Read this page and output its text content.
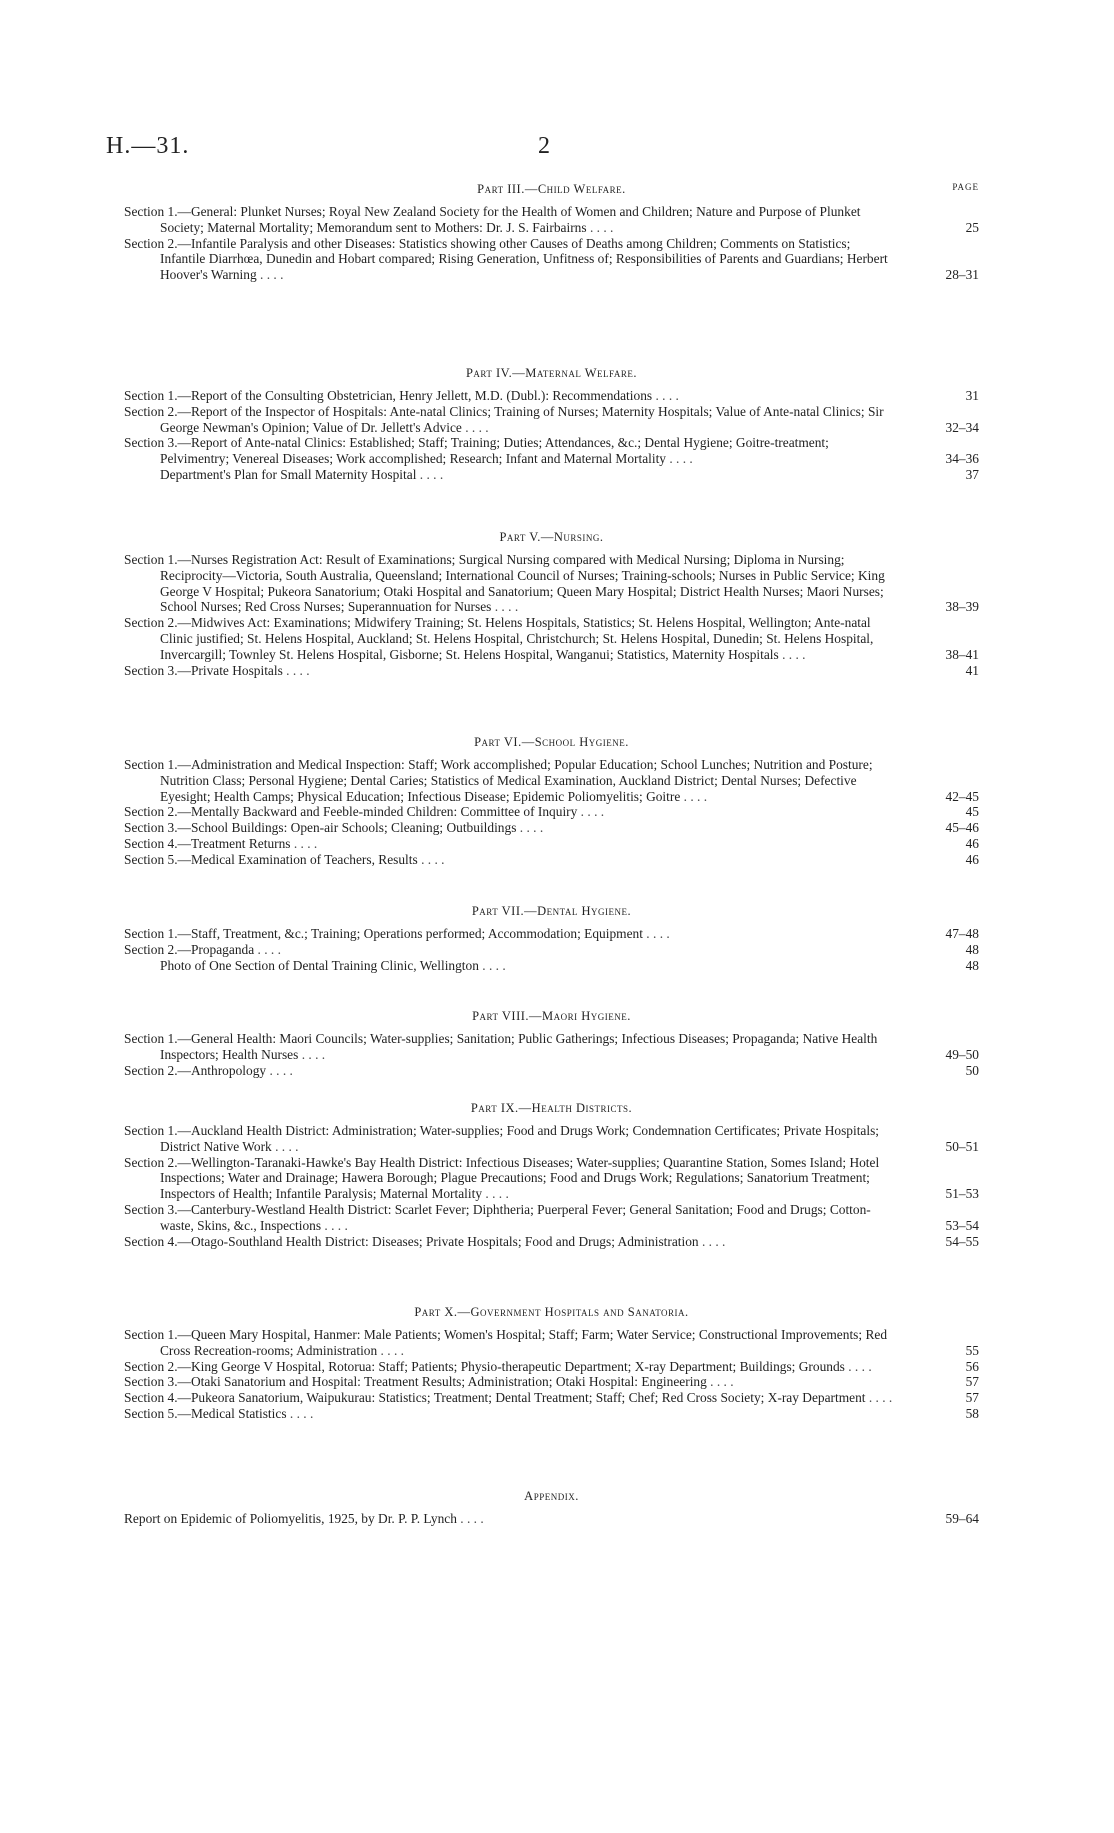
H.—31.	2
Part III.—Child Welfare.	PAGE
Section 1.—General: Plunket Nurses; Royal New Zealand Society for the Health of Women and Children; Nature and Purpose of Plunket Society; Maternal Mortality; Memorandum sent to Mothers: Dr. J. S. Fairbairns . . . .	25
Section 2.—Infantile Paralysis and other Diseases: Statistics showing other Causes of Deaths among Children; Comments on Statistics; Infantile Diarrhœa, Dunedin and Hobart compared; Rising Generation, Unfitness of; Responsibilities of Parents and Guardians; Herbert Hoover's Warning . . . .	28–31
Part IV.—Maternal Welfare.
Section 1.—Report of the Consulting Obstetrician, Henry Jellett, M.D. (Dubl.): Recommendations . . . .	31
Section 2.—Report of the Inspector of Hospitals: Ante-natal Clinics; Training of Nurses; Maternity Hospitals; Value of Ante-natal Clinics; Sir George Newman's Opinion; Value of Dr. Jellett's Advice . . . .	32–34
Section 3.—Report of Ante-natal Clinics: Established; Staff; Training; Duties; Attendances, &c.; Dental Hygiene; Goitre-treatment; Pelvimentry; Venereal Diseases; Work accomplished; Research; Infant and Maternal Mortality . . . .	34–36
Department's Plan for Small Maternity Hospital . . . .	37
Part V.—Nursing.
Section 1.—Nurses Registration Act: Result of Examinations; Surgical Nursing compared with Medical Nursing; Diploma in Nursing; Reciprocity—Victoria, South Australia, Queensland; International Council of Nurses; Training-schools; Nurses in Public Service; King George V Hospital; Pukeora Sanatorium; Otaki Hospital and Sanatorium; Queen Mary Hospital; District Health Nurses; Maori Nurses; School Nurses; Red Cross Nurses; Superannuation for Nurses . . . .	38–39
Section 2.—Midwives Act: Examinations; Midwifery Training; St. Helens Hospitals, Statistics; St. Helens Hospital, Wellington; Ante-natal Clinic justified; St. Helens Hospital, Auckland; St. Helens Hospital, Christchurch; St. Helens Hospital, Dunedin; St. Helens Hospital, Invercargill; Townley St. Helens Hospital, Gisborne; St. Helens Hospital, Wanganui; Statistics, Maternity Hospitals . . . .	38–41
Section 3.—Private Hospitals . . . .	41
Part VI.—School Hygiene.
Section 1.—Administration and Medical Inspection: Staff; Work accomplished; Popular Education; School Lunches; Nutrition and Posture; Nutrition Class; Personal Hygiene; Dental Caries; Statistics of Medical Examination, Auckland District; Dental Nurses; Defective Eyesight; Health Camps; Physical Education; Infectious Disease; Epidemic Poliomyelitis; Goitre . . . .	42–45
Section 2.—Mentally Backward and Feeble-minded Children: Committee of Inquiry . . . .	45
Section 3.—School Buildings: Open-air Schools; Cleaning; Outbuildings . . . .	45–46
Section 4.—Treatment Returns . . . .	46
Section 5.—Medical Examination of Teachers, Results . . . .	46
Part VII.—Dental Hygiene.
Section 1.—Staff, Treatment, &c.; Training; Operations performed; Accommodation; Equipment . . . .	47–48
Section 2.—Propaganda . . . .	48
Photo of One Section of Dental Training Clinic, Wellington . . . .	48
Part VIII.—Maori Hygiene.
Section 1.—General Health: Maori Councils; Water-supplies; Sanitation; Public Gatherings; Infectious Diseases; Propaganda; Native Health Inspectors; Health Nurses . . . .	49–50
Section 2.—Anthropology . . . .	50
Part IX.—Health Districts.
Section 1.—Auckland Health District: Administration; Water-supplies; Food and Drugs Work; Condemnation Certificates; Private Hospitals; District Native Work . . . .	50–51
Section 2.—Wellington-Taranaki-Hawke's Bay Health District: Infectious Diseases; Water-supplies; Quarantine Station, Somes Island; Hotel Inspections; Water and Drainage; Hawera Borough; Plague Precautions; Food and Drugs Work; Regulations; Sanatorium Treatment; Inspectors of Health; Infantile Paralysis; Maternal Mortality . . . .	51–53
Section 3.—Canterbury-Westland Health District: Scarlet Fever; Diphtheria; Puerperal Fever; General Sanitation; Food and Drugs; Cotton-waste, Skins, &c., Inspections . . . .	53–54
Section 4.—Otago-Southland Health District: Diseases; Private Hospitals; Food and Drugs; Administration . . . .	54–55
Part X.—Government Hospitals and Sanatoria.
Section 1.—Queen Mary Hospital, Hanmer: Male Patients; Women's Hospital; Staff; Farm; Water Service; Constructional Improvements; Red Cross Recreation-rooms; Administration . . . .	55
Section 2.—King George V Hospital, Rotorua: Staff; Patients; Physio-therapeutic Department; X-ray Department; Buildings; Grounds . . . .	56
Section 3.—Otaki Sanatorium and Hospital: Treatment Results; Administration; Otaki Hospital: Engineering . . . .	57
Section 4.—Pukeora Sanatorium, Waipukurau: Statistics; Treatment; Dental Treatment; Staff; Chef; Red Cross Society; X-ray Department . . . .	57
Section 5.—Medical Statistics . . . .	58
Appendix.
Report on Epidemic of Poliomyelitis, 1925, by Dr. P. P. Lynch . . . .	59–64
